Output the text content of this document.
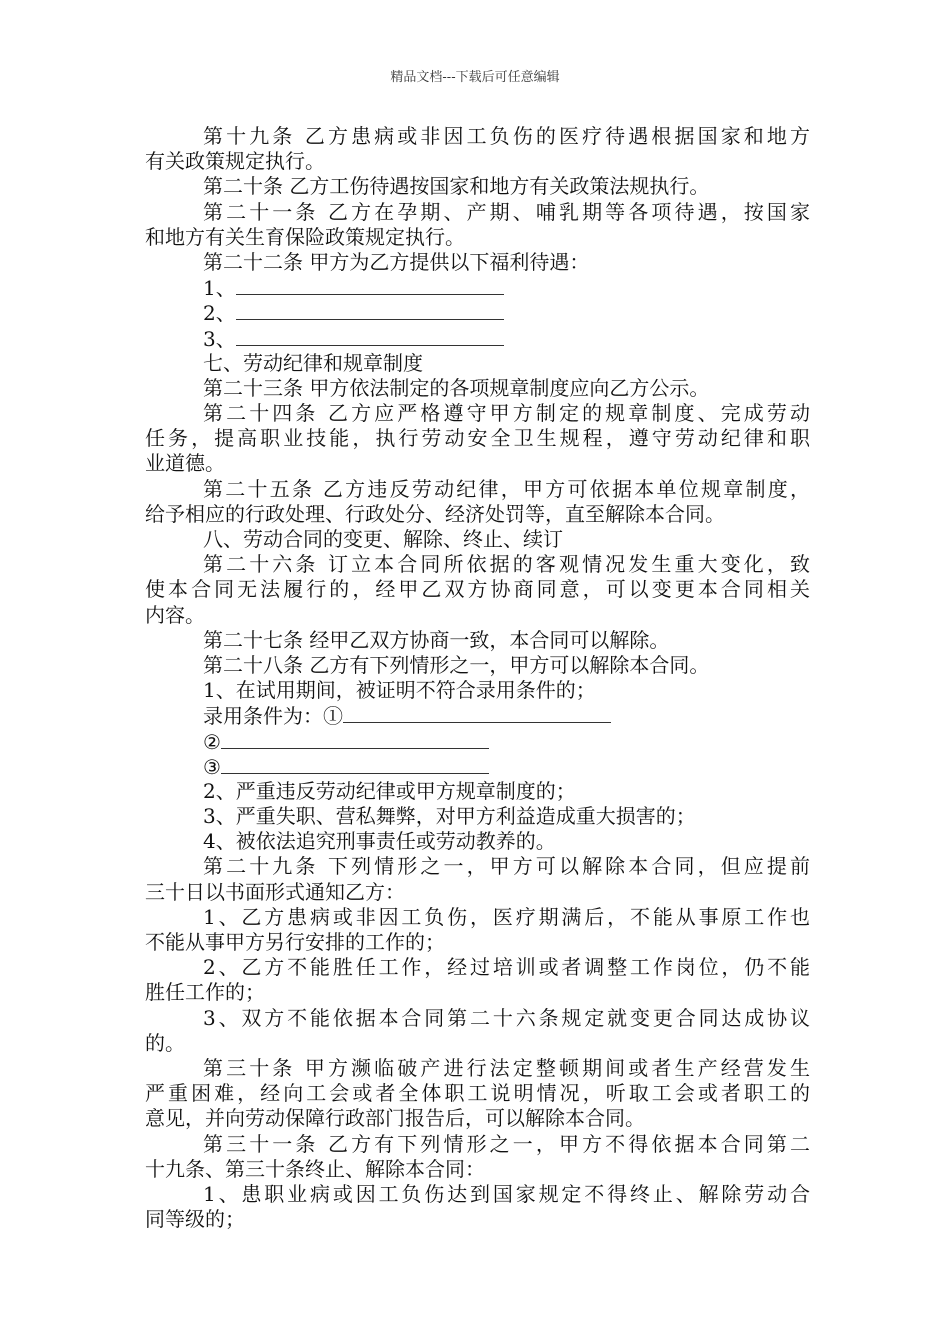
精品文档---下载后可任意编辑
第十九条 乙方患病或非因工负伤的医疗待遇根据国家和地方
有关政策规定执行。
第二十条 乙方工伤待遇按国家和地方有关政策法规执行。
第二十一条 乙方在孕期、产期、哺乳期等各项待遇，按国家
和地方有关生育保险政策规定执行。
第二十二条 甲方为乙方提供以下福利待遇：
1、
2、
3、
七、劳动纪律和规章制度
第二十三条 甲方依法制定的各项规章制度应向乙方公示。
第二十四条 乙方应严格遵守甲方制定的规章制度、完成劳动
任务，提高职业技能，执行劳动安全卫生规程，遵守劳动纪律和职
业道德。
第二十五条 乙方违反劳动纪律，甲方可依据本单位规章制度，
给予相应的行政处理、行政处分、经济处罚等，直至解除本合同。
八、劳动合同的变更、解除、终止、续订
第二十六条 订立本合同所依据的客观情况发生重大变化，致
使本合同无法履行的，经甲乙双方协商同意，可以变更本合同相关
内容。
第二十七条 经甲乙双方协商一致，本合同可以解除。
第二十八条 乙方有下列情形之一，甲方可以解除本合同。
1、在试用期间，被证明不符合录用条件的；
录用条件为：①
②
③
2、严重违反劳动纪律或甲方规章制度的；
3、严重失职、营私舞弊，对甲方利益造成重大损害的；
4、被依法追究刑事责任或劳动教养的。
第二十九条 下列情形之一，甲方可以解除本合同，但应提前
三十日以书面形式通知乙方：
1、乙方患病或非因工负伤，医疗期满后，不能从事原工作也
不能从事甲方另行安排的工作的；
2、乙方不能胜任工作，经过培训或者调整工作岗位，仍不能
胜任工作的；
3、双方不能依据本合同第二十六条规定就变更合同达成协议
的。
第三十条 甲方濒临破产进行法定整顿期间或者生产经营发生
严重困难，经向工会或者全体职工说明情况，听取工会或者职工的
意见，并向劳动保障行政部门报告后，可以解除本合同。
第三十一条 乙方有下列情形之一，甲方不得依据本合同第二
十九条、第三十条终止、解除本合同：
1、患职业病或因工负伤达到国家规定不得终止、解除劳动合
同等级的；
